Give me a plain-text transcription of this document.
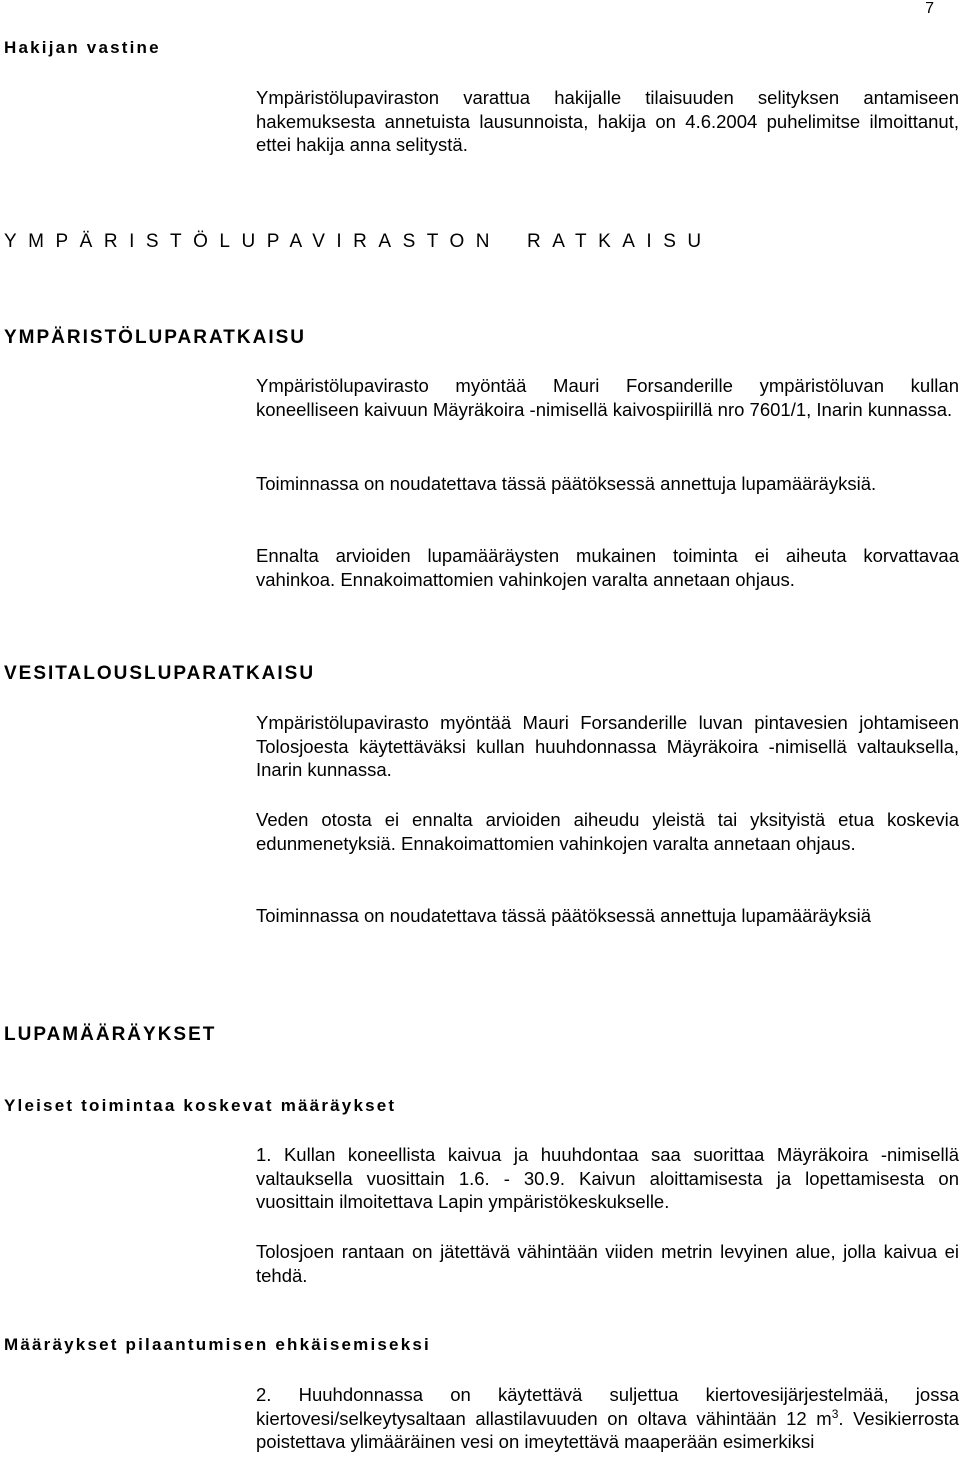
7
Hakijan vastine
Ympäristölupaviraston varattua hakijalle tilaisuuden selityksen antamiseen hakemuksesta annetuista lausunnoista, hakija on 4.6.2004 puhelimitse ilmoittanut, ettei hakija anna selitystä.
YMPÄRISTÖLUPAVIRASTON RATKAISU
YMPÄRISTÖLUPARATKAISU
Ympäristölupavirasto myöntää Mauri Forsanderille ympäristöluvan kullan koneelliseen kaivuun Mäyräkoira -nimisellä kaivospiirillä nro 7601/1, Inarin kunnassa.
Toiminnassa on noudatettava tässä päätöksessä annettuja lupamääräyksiä.
Ennalta arvioiden lupamääräysten mukainen toiminta ei aiheuta korvattavaa vahinkoa. Ennakoimattomien vahinkojen varalta annetaan ohjaus.
VESITALOUSLUPARATKAISU
Ympäristölupavirasto myöntää Mauri Forsanderille luvan pintavesien johtamiseen Tolosjoesta käytettäväksi kullan huuhdonnassa Mäyräkoira -nimisellä valtauksella, Inarin kunnassa.
Veden otosta ei ennalta arvioiden aiheudu yleistä tai yksityistä etua koskevia edunmenetyksiä. Ennakoimattomien vahinkojen varalta annetaan ohjaus.
Toiminnassa on noudatettava tässä päätöksessä annettuja lupamääräyksiä
LUPAMÄÄRÄYKSET
Yleiset toimintaa koskevat määräykset
1. Kullan koneellista kaivua ja huuhdontaa saa suorittaa Mäyräkoira -nimisellä valtauksella vuosittain 1.6. - 30.9. Kaivun aloittamisesta ja lopettamisesta on vuosittain ilmoitettava Lapin ympäristökeskukselle.
Tolosjoen rantaan on jätettävä vähintään viiden metrin levyinen alue, jolla kaivua ei tehdä.
Määräykset pilaantumisen ehkäisemiseksi
2. Huuhdonnassa on käytettävä suljettua kiertovesijärjestelmää, jossa kiertovesi/selkeytysaltaan allastilavuuden on oltava vähintään 12 $m^3$. Vesikierrosta poistettava ylimääräinen vesi on imeytettävä maaperään esimerkiksi
